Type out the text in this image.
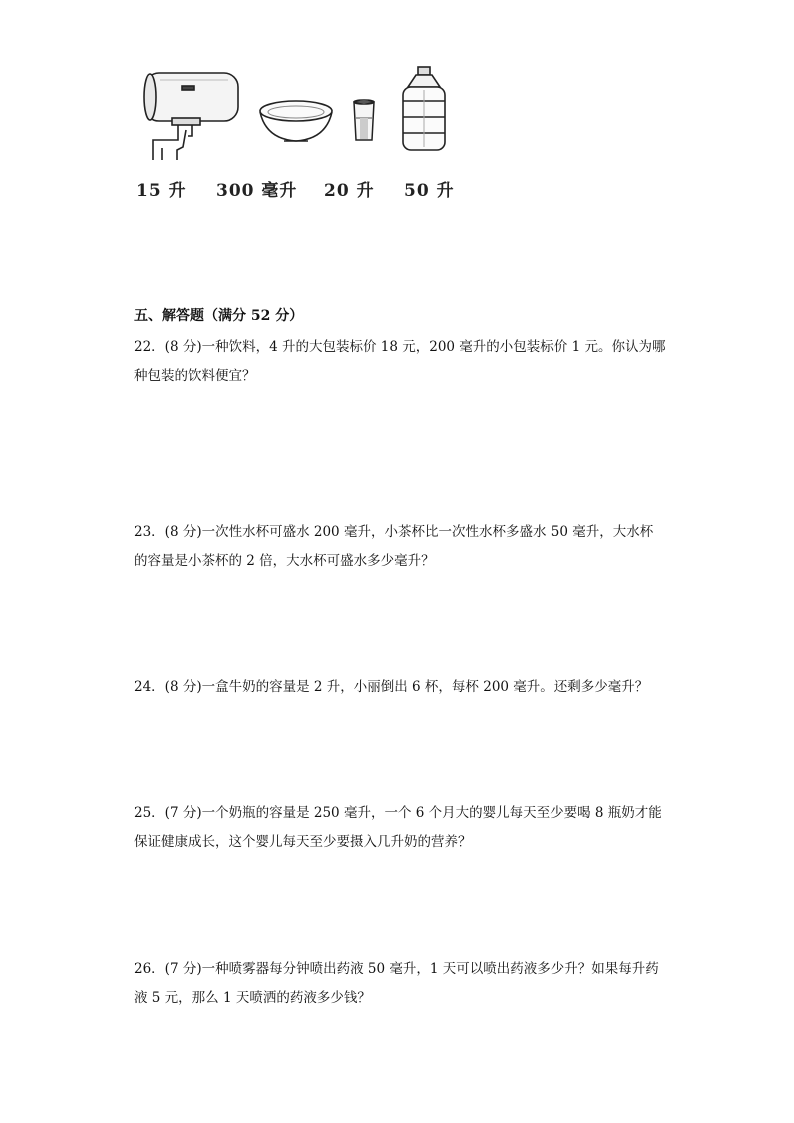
15 升 300 毫升 20 升 50 升
五、解答题（满分 52 分）
22．(8 分)一种饮料，4 升的大包装标价 18 元，200 毫升的小包装标价 1 元。你认为哪
种包装的饮料便宜？
23．(8 分)一次性水杯可盛水 200 毫升，小茶杯比一次性水杯多盛水 50 毫升，大水杯
的容量是小茶杯的 2 倍，大水杯可盛水多少毫升？
24．(8 分)一盒牛奶的容量是 2 升，小丽倒出 6 杯，每杯 200 毫升。还剩多少毫升？
25．(7 分)一个奶瓶的容量是 250 毫升，一个 6 个月大的婴儿每天至少要喝 8 瓶奶才能
保证健康成长，这个婴儿每天至少要摄入几升奶的营养？
26．(7 分)一种喷雾器每分钟喷出药液 50 毫升，1 天可以喷出药液多少升？如果每升药
液 5 元，那么 1 天喷洒的药液多少钱？
